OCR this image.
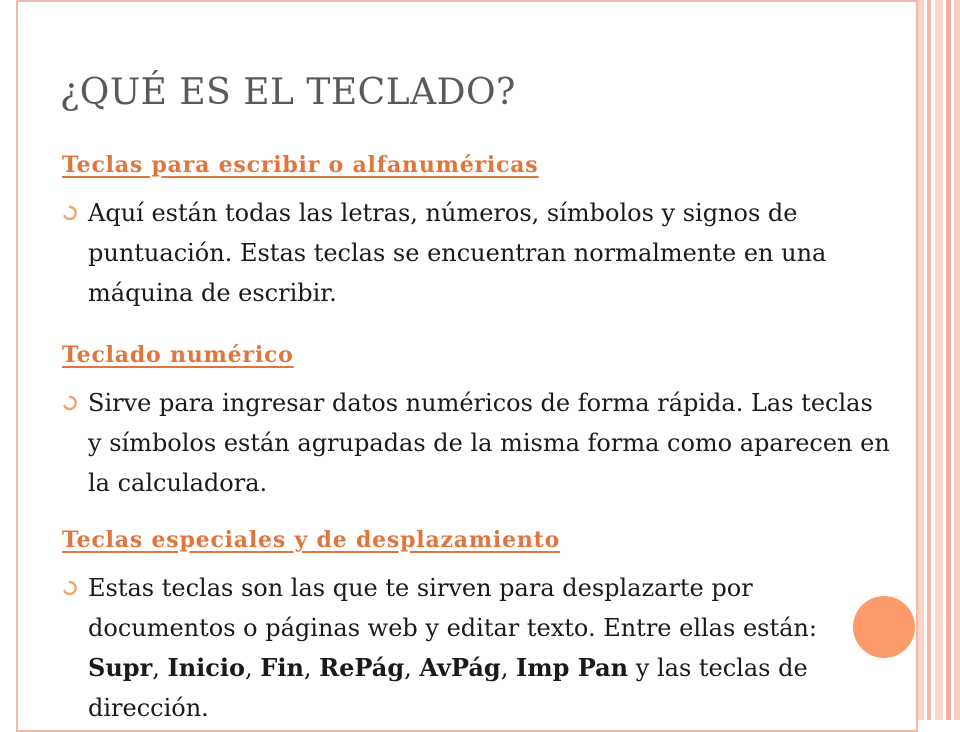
¿QUÉ ES EL TECLADO?
Teclas para escribir o alfanuméricas
Aquí están todas las letras, números, símbolos y signos de puntuación. Estas teclas se encuentran normalmente en una máquina de escribir.
Teclado numérico
Sirve para ingresar datos numéricos de forma rápida. Las teclas y símbolos están agrupadas de la misma forma como aparecen en la calculadora.
Teclas especiales y de desplazamiento
Estas teclas son las que te sirven para desplazarte por documentos o páginas web y editar texto. Entre ellas están: Supr, Inicio, Fin, RePág, AvPág, Imp Pan y las teclas de dirección.
